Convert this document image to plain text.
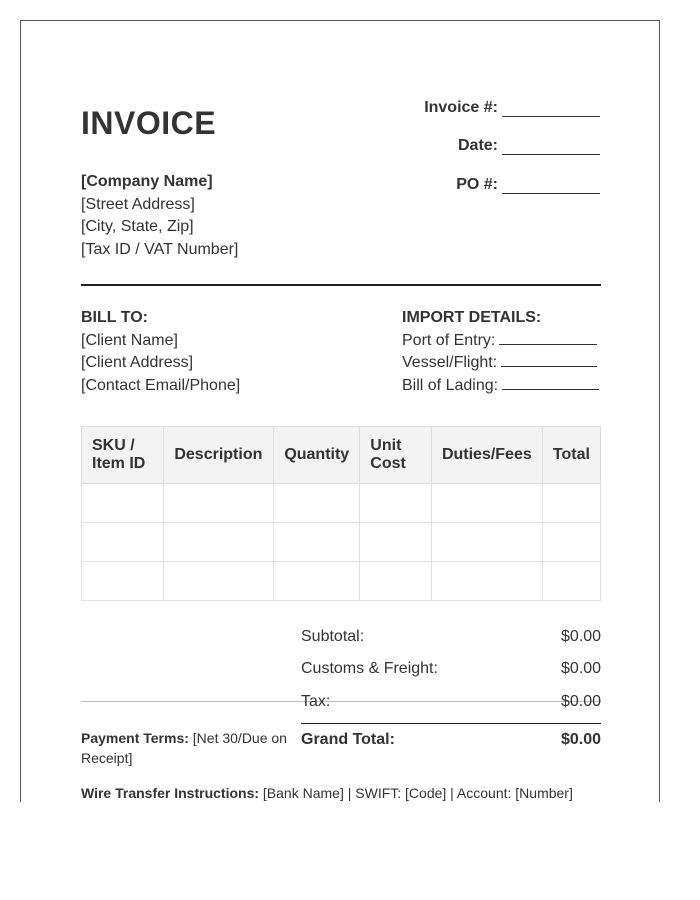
INVOICE	Invoice #:
Date:
PO #:
[Company Name]
[Street Address]
[City, State, Zip]
[Tax ID / VAT Number]
BILL TO:
[Client Name]
[Client Address]
[Contact Email/Phone]
IMPORT DETAILS:
Port of Entry:
Vessel/Flight:
Bill of Lading:
SKU / Item ID	Description	Quantity	Unit Cost	Duties/Fees	Total

Subtotal:	$0.00
Customs & Freight:	$0.00
Tax:	$0.00
Grand Total:	$0.00
Payment Terms: [Net 30/Due on Receipt]
Wire Transfer Instructions: [Bank Name] | SWIFT: [Code] | Account: [Number]
